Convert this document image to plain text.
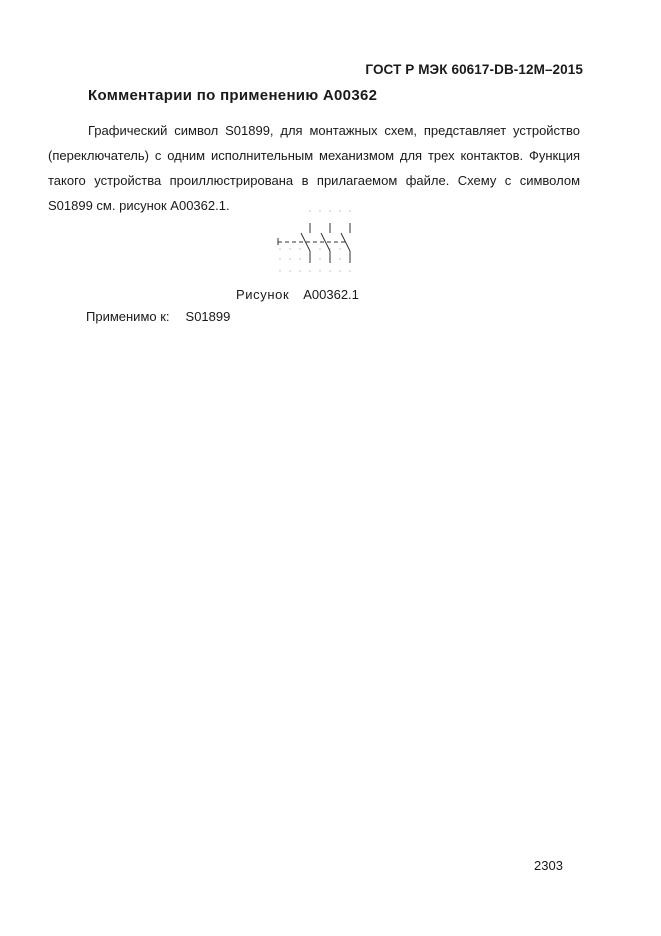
ГОСТ Р МЭК 60617-DB-12M–2015
Комментарии по применению A00362
Графический символ S01899, для монтажных схем, представляет устройство (переключатель) с одним исполнительным механизмом для трех контактов. Функция такого устройства проиллюстрирована в прилагаемом файле. Схему с символом S01899 см. рисунок A00362.1.
Рисунок A00362.1
Применимо к: S01899
2303
